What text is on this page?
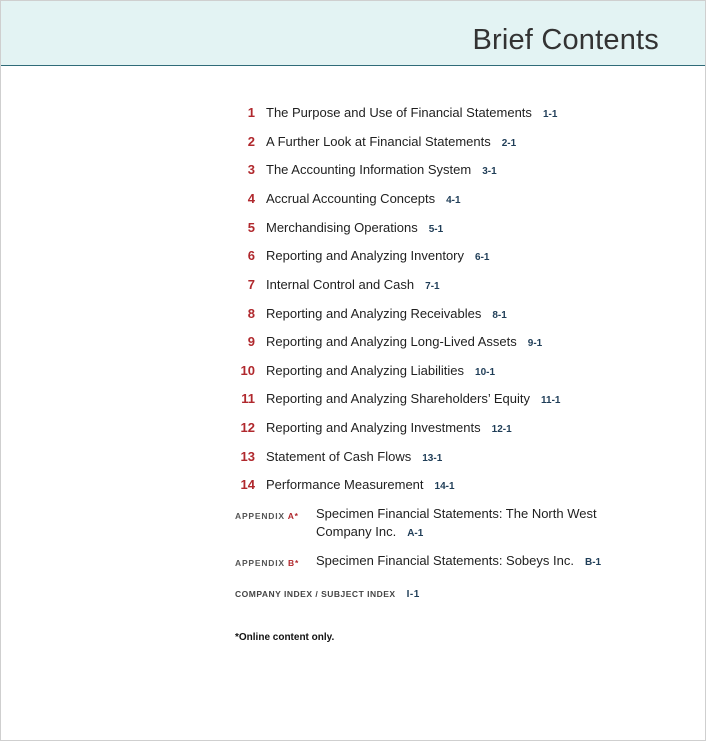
Brief Contents
1 The Purpose and Use of Financial Statements 1-1
2 A Further Look at Financial Statements 2-1
3 The Accounting Information System 3-1
4 Accrual Accounting Concepts 4-1
5 Merchandising Operations 5-1
6 Reporting and Analyzing Inventory 6-1
7 Internal Control and Cash 7-1
8 Reporting and Analyzing Receivables 8-1
9 Reporting and Analyzing Long-Lived Assets 9-1
10 Reporting and Analyzing Liabilities 10-1
11 Reporting and Analyzing Shareholders’ Equity 11-1
12 Reporting and Analyzing Investments 12-1
13 Statement of Cash Flows 13-1
14 Performance Measurement 14-1
APPENDIX A* Specimen Financial Statements: The North West
Company Inc. A-1
APPENDIX B* Specimen Financial Statements: Sobeys Inc. B-1
COMPANY INDEX / SUBJECT INDEX I-1
*Online content only.
